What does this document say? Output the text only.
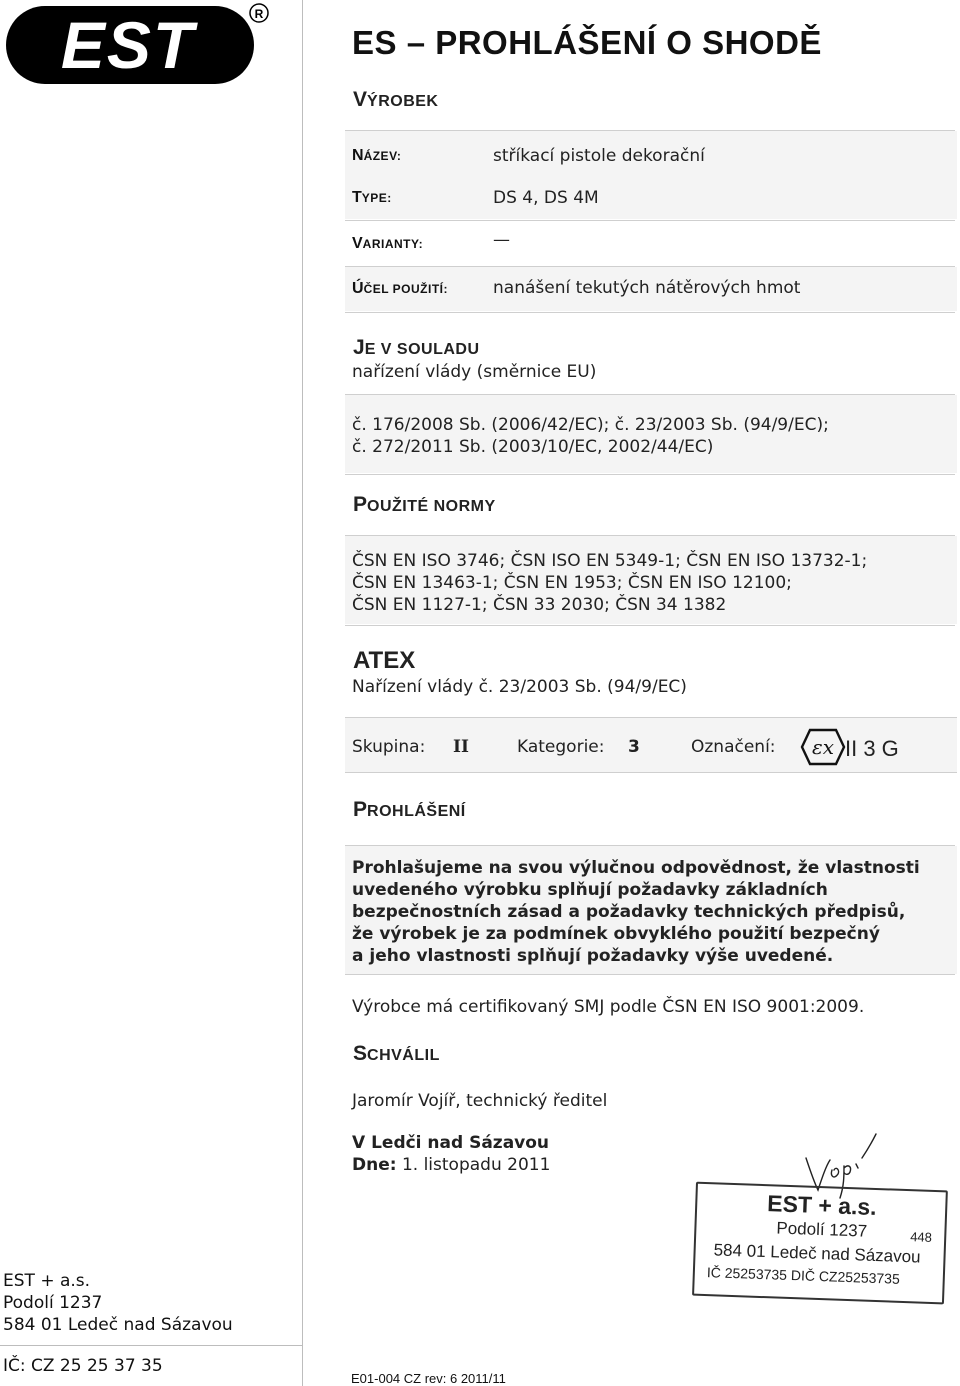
EST	R
ES – PROHLÁŠENÍ O SHODĚ
VÝROBEK
NÁZEV:	stříkací pistole dekorační
TYPE:	DS 4, DS 4M
VARIANTY:	—
ÚČEL POUŽITÍ:	nanášení tekutých nátěrových hmot
JE V SOULADU
nařízení vlády (směrnice EU)
č. 176/2008 Sb. (2006/42/EC); č. 23/2003 Sb. (94/9/EC);
č. 272/2011 Sb. (2003/10/EC, 2002/44/EC)
POUŽITÉ NORMY
ČSN EN ISO 3746; ČSN ISO EN 5349-1; ČSN EN ISO 13732-1;
ČSN EN 13463-1; ČSN EN 1953; ČSN EN ISO 12100;
ČSN EN 1127-1; ČSN 33 2030; ČSN 34 1382
ATEX
Nařízení vlády č. 23/2003 Sb. (94/9/EC)
Skupina: II	Kategorie: 3	Označení: εx II 3 G
PROHLÁŠENÍ
Prohlašujeme na svou výlučnou odpovědnost, že vlastnosti
uvedeného výrobku splňují požadavky základních
bezpečnostních zásad a požadavky technických předpisů,
že výrobek je za podmínek obvyklého použití bezpečný
a jeho vlastnosti splňují požadavky výše uvedené.
Výrobce má certifikovaný SMJ podle ČSN EN ISO 9001:2009.
SCHVÁLIL
Jaromír Vojíř, technický ředitel
V Ledči nad Sázavou
Dne: 1. listopadu 2011
EST + a.s.
Podolí 1237	448
584 01 Ledeč nad Sázavou
IČ 25253735 DIČ CZ25253735
EST + a.s.
Podolí 1237
584 01 Ledeč nad Sázavou
IČ: CZ 25 25 37 35
E01-004 CZ rev: 6 2011/11
